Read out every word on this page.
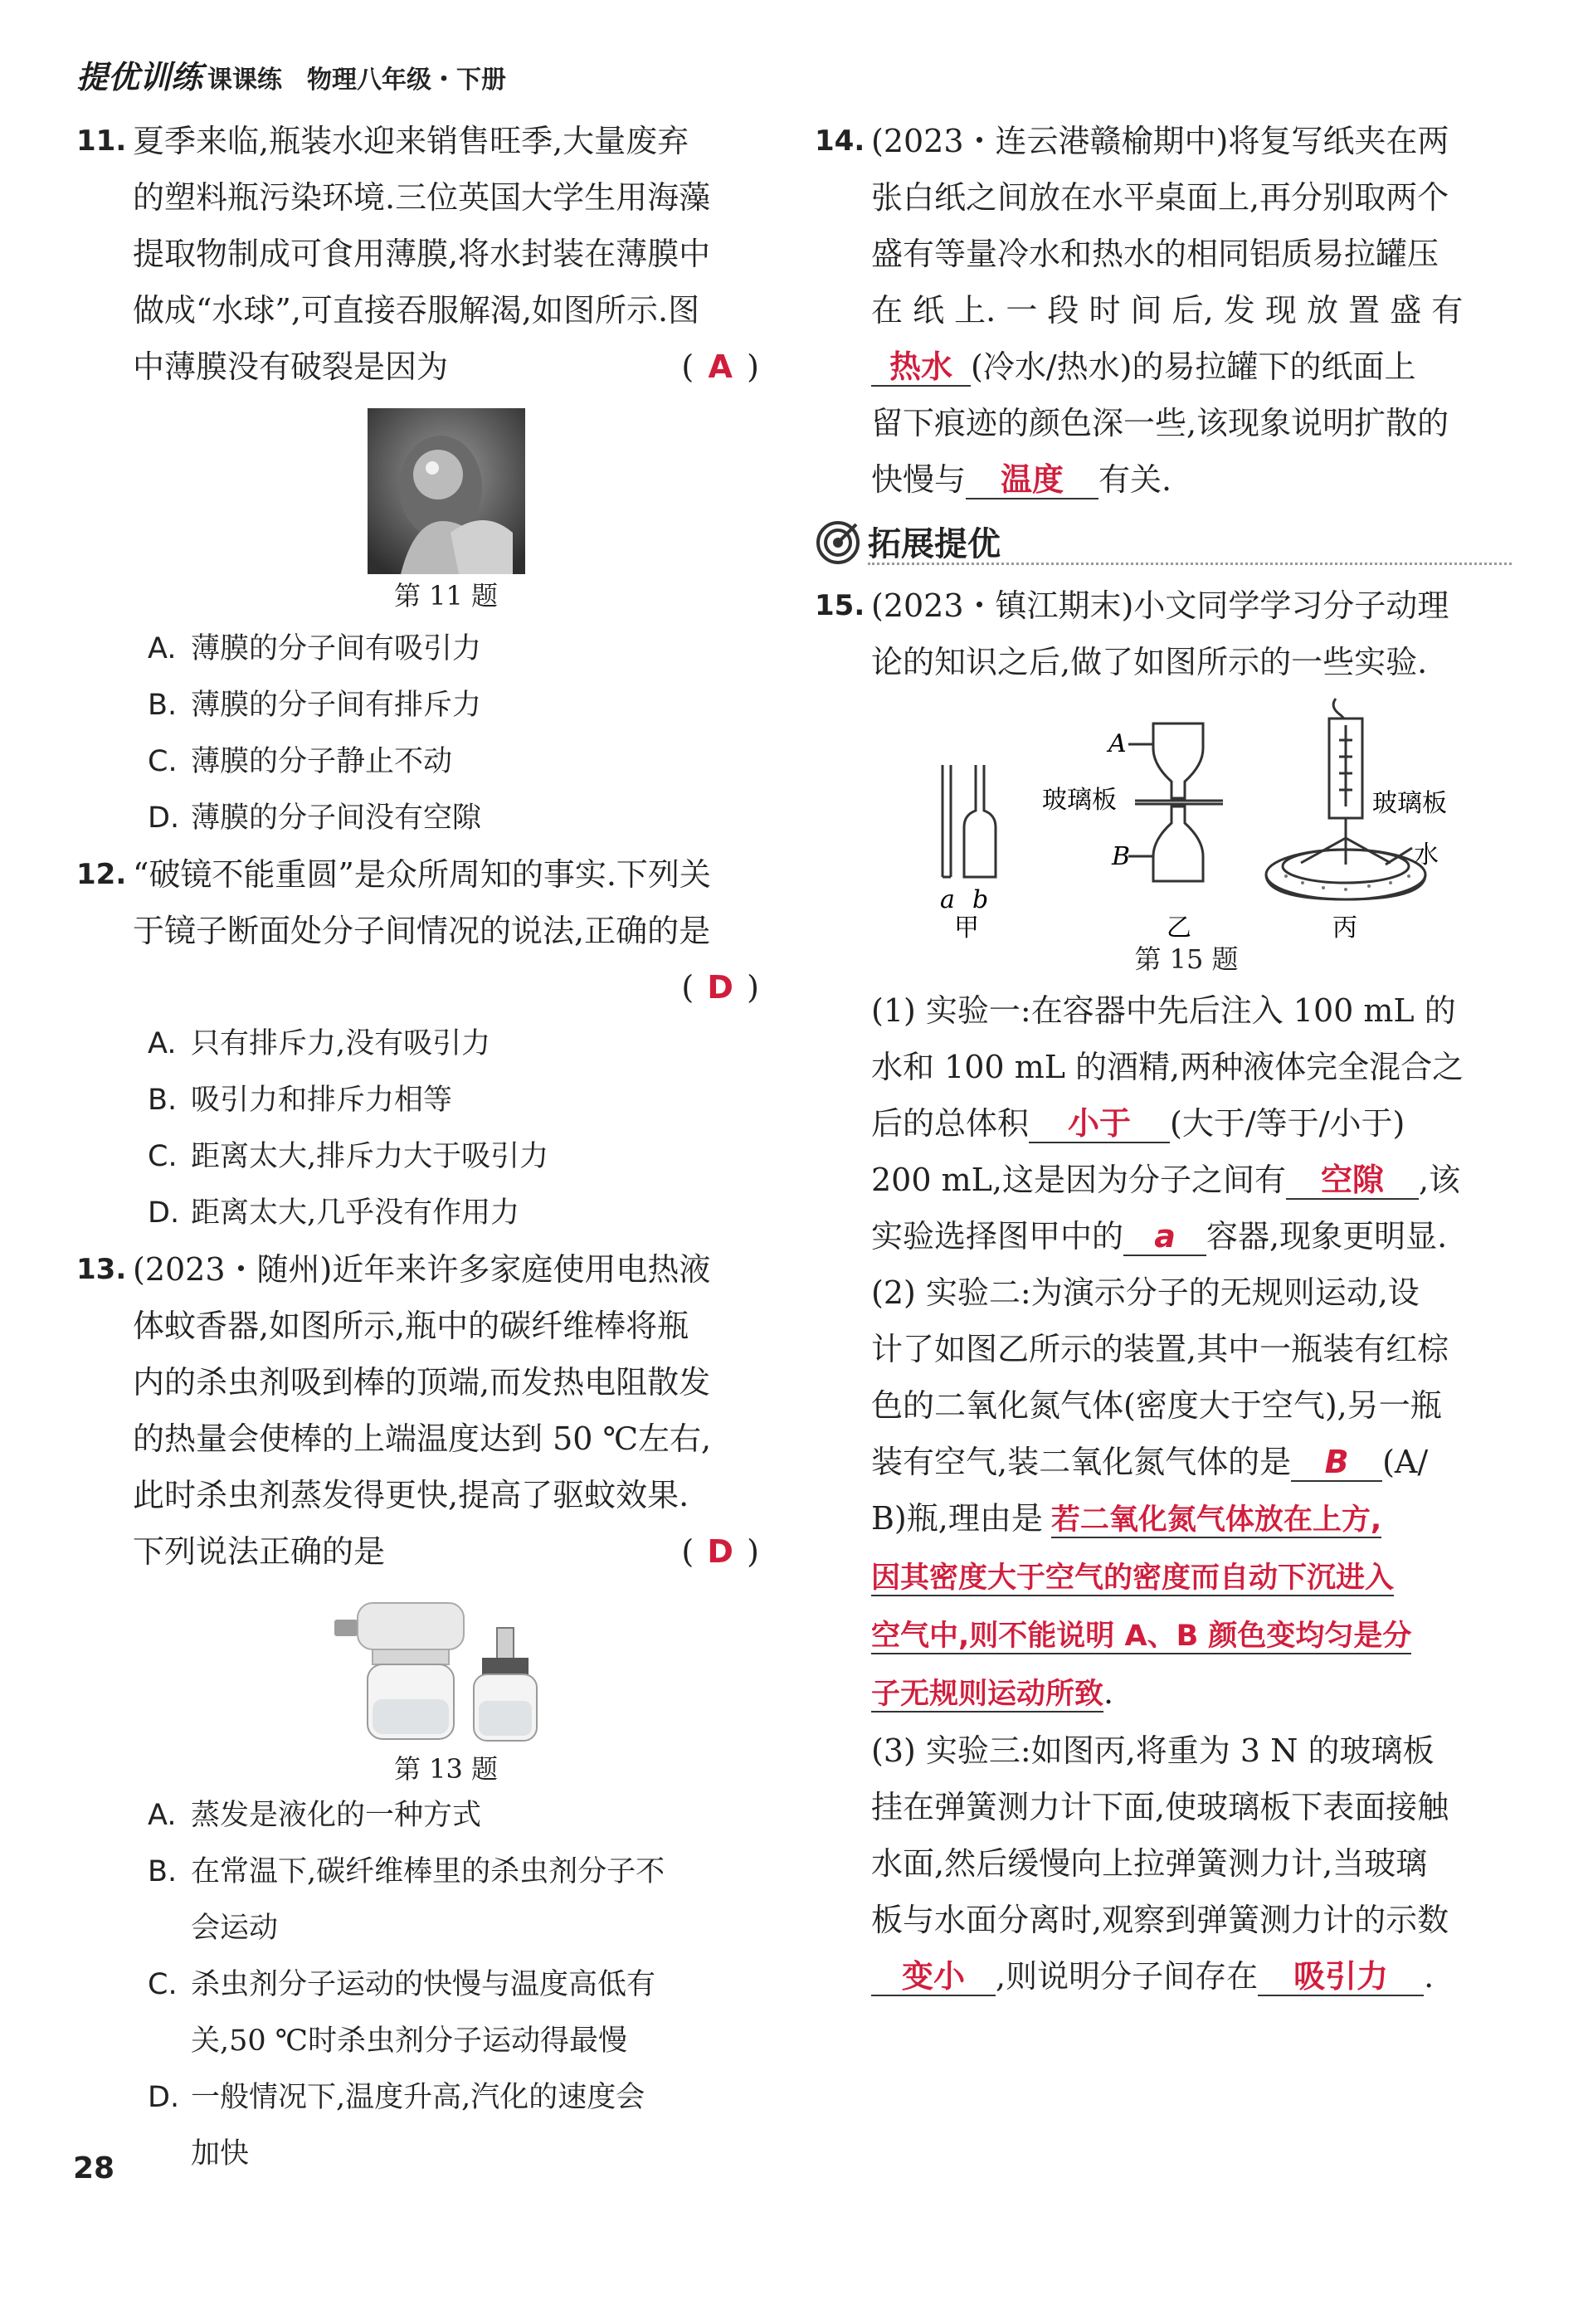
提优训练 课课练 物理八年级・下册
11. 夏季来临,瓶装水迎来销售旺季,大量废弃
的塑料瓶污染环境.三位英国大学生用海藻
提取物制成可食用薄膜,将水封装在薄膜中
做成“水球”,可直接吞服解渴,如图所示.图
中薄膜没有破裂是因为	( A )
第 11 题
A. 薄膜的分子间有吸引力
B. 薄膜的分子间有排斥力
C. 薄膜的分子静止不动
D. 薄膜的分子间没有空隙
12. “破镜不能重圆”是众所周知的事实.下列关
于镜子断面处分子间情况的说法,正确的是
( D )
A. 只有排斥力,没有吸引力
B. 吸引力和排斥力相等
C. 距离太大,排斥力大于吸引力
D. 距离太大,几乎没有作用力
13. (2023・随州)近年来许多家庭使用电热液
体蚊香器,如图所示,瓶中的碳纤维棒将瓶
内的杀虫剂吸到棒的顶端,而发热电阻散发
的热量会使棒的上端温度达到 50 ℃左右,
此时杀虫剂蒸发得更快,提高了驱蚊效果.
下列说法正确的是	( D )
第 13 题
A. 蒸发是液化的一种方式
B. 在常温下,碳纤维棒里的杀虫剂分子不
会运动
C. 杀虫剂分子运动的快慢与温度高低有
关,50 ℃时杀虫剂分子运动得最慢
D. 一般情况下,温度升高,汽化的速度会
加快
14. (2023・连云港赣榆期中)将复写纸夹在两
张白纸之间放在水平桌面上,再分别取两个
盛有等量冷水和热水的相同铝质易拉罐压
在 纸 上. 一 段 时 间 后, 发 现 放 置 盛 有
热水 (冷水/热水)的易拉罐下的纸面上
留下痕迹的颜色深一些,该现象说明扩散的
快慢与 温度 有关.
拓展提优
15. (2023・镇江期末)小文同学学习分子动理
论的知识之后,做了如图所示的一些实验.
a b
甲
A
B
玻璃板
乙
玻璃板
水
丙
第 15 题
(1) 实验一:在容器中先后注入 100 mL 的
水和 100 mL 的酒精,两种液体完全混合之
后的总体积 小于 (大于/等于/小于)
200 mL,这是因为分子之间有 空隙 ,该
实验选择图甲中的 a 容器,现象更明显.
(2) 实验二:为演示分子的无规则运动,设
计了如图乙所示的装置,其中一瓶装有红棕
色的二氧化氮气体(密度大于空气),另一瓶
装有空气,装二氧化氮气体的是 B (A/
B)瓶,理由是 若二氧化氮气体放在上方,
因其密度大于空气的密度而自动下沉进入
空气中,则不能说明 A、B 颜色变均匀是分
子无规则运动所致.
(3) 实验三:如图丙,将重为 3 N 的玻璃板
挂在弹簧测力计下面,使玻璃板下表面接触
水面,然后缓慢向上拉弹簧测力计,当玻璃
板与水面分离时,观察到弹簧测力计的示数
变小 ,则说明分子间存在 吸引力 .
28
